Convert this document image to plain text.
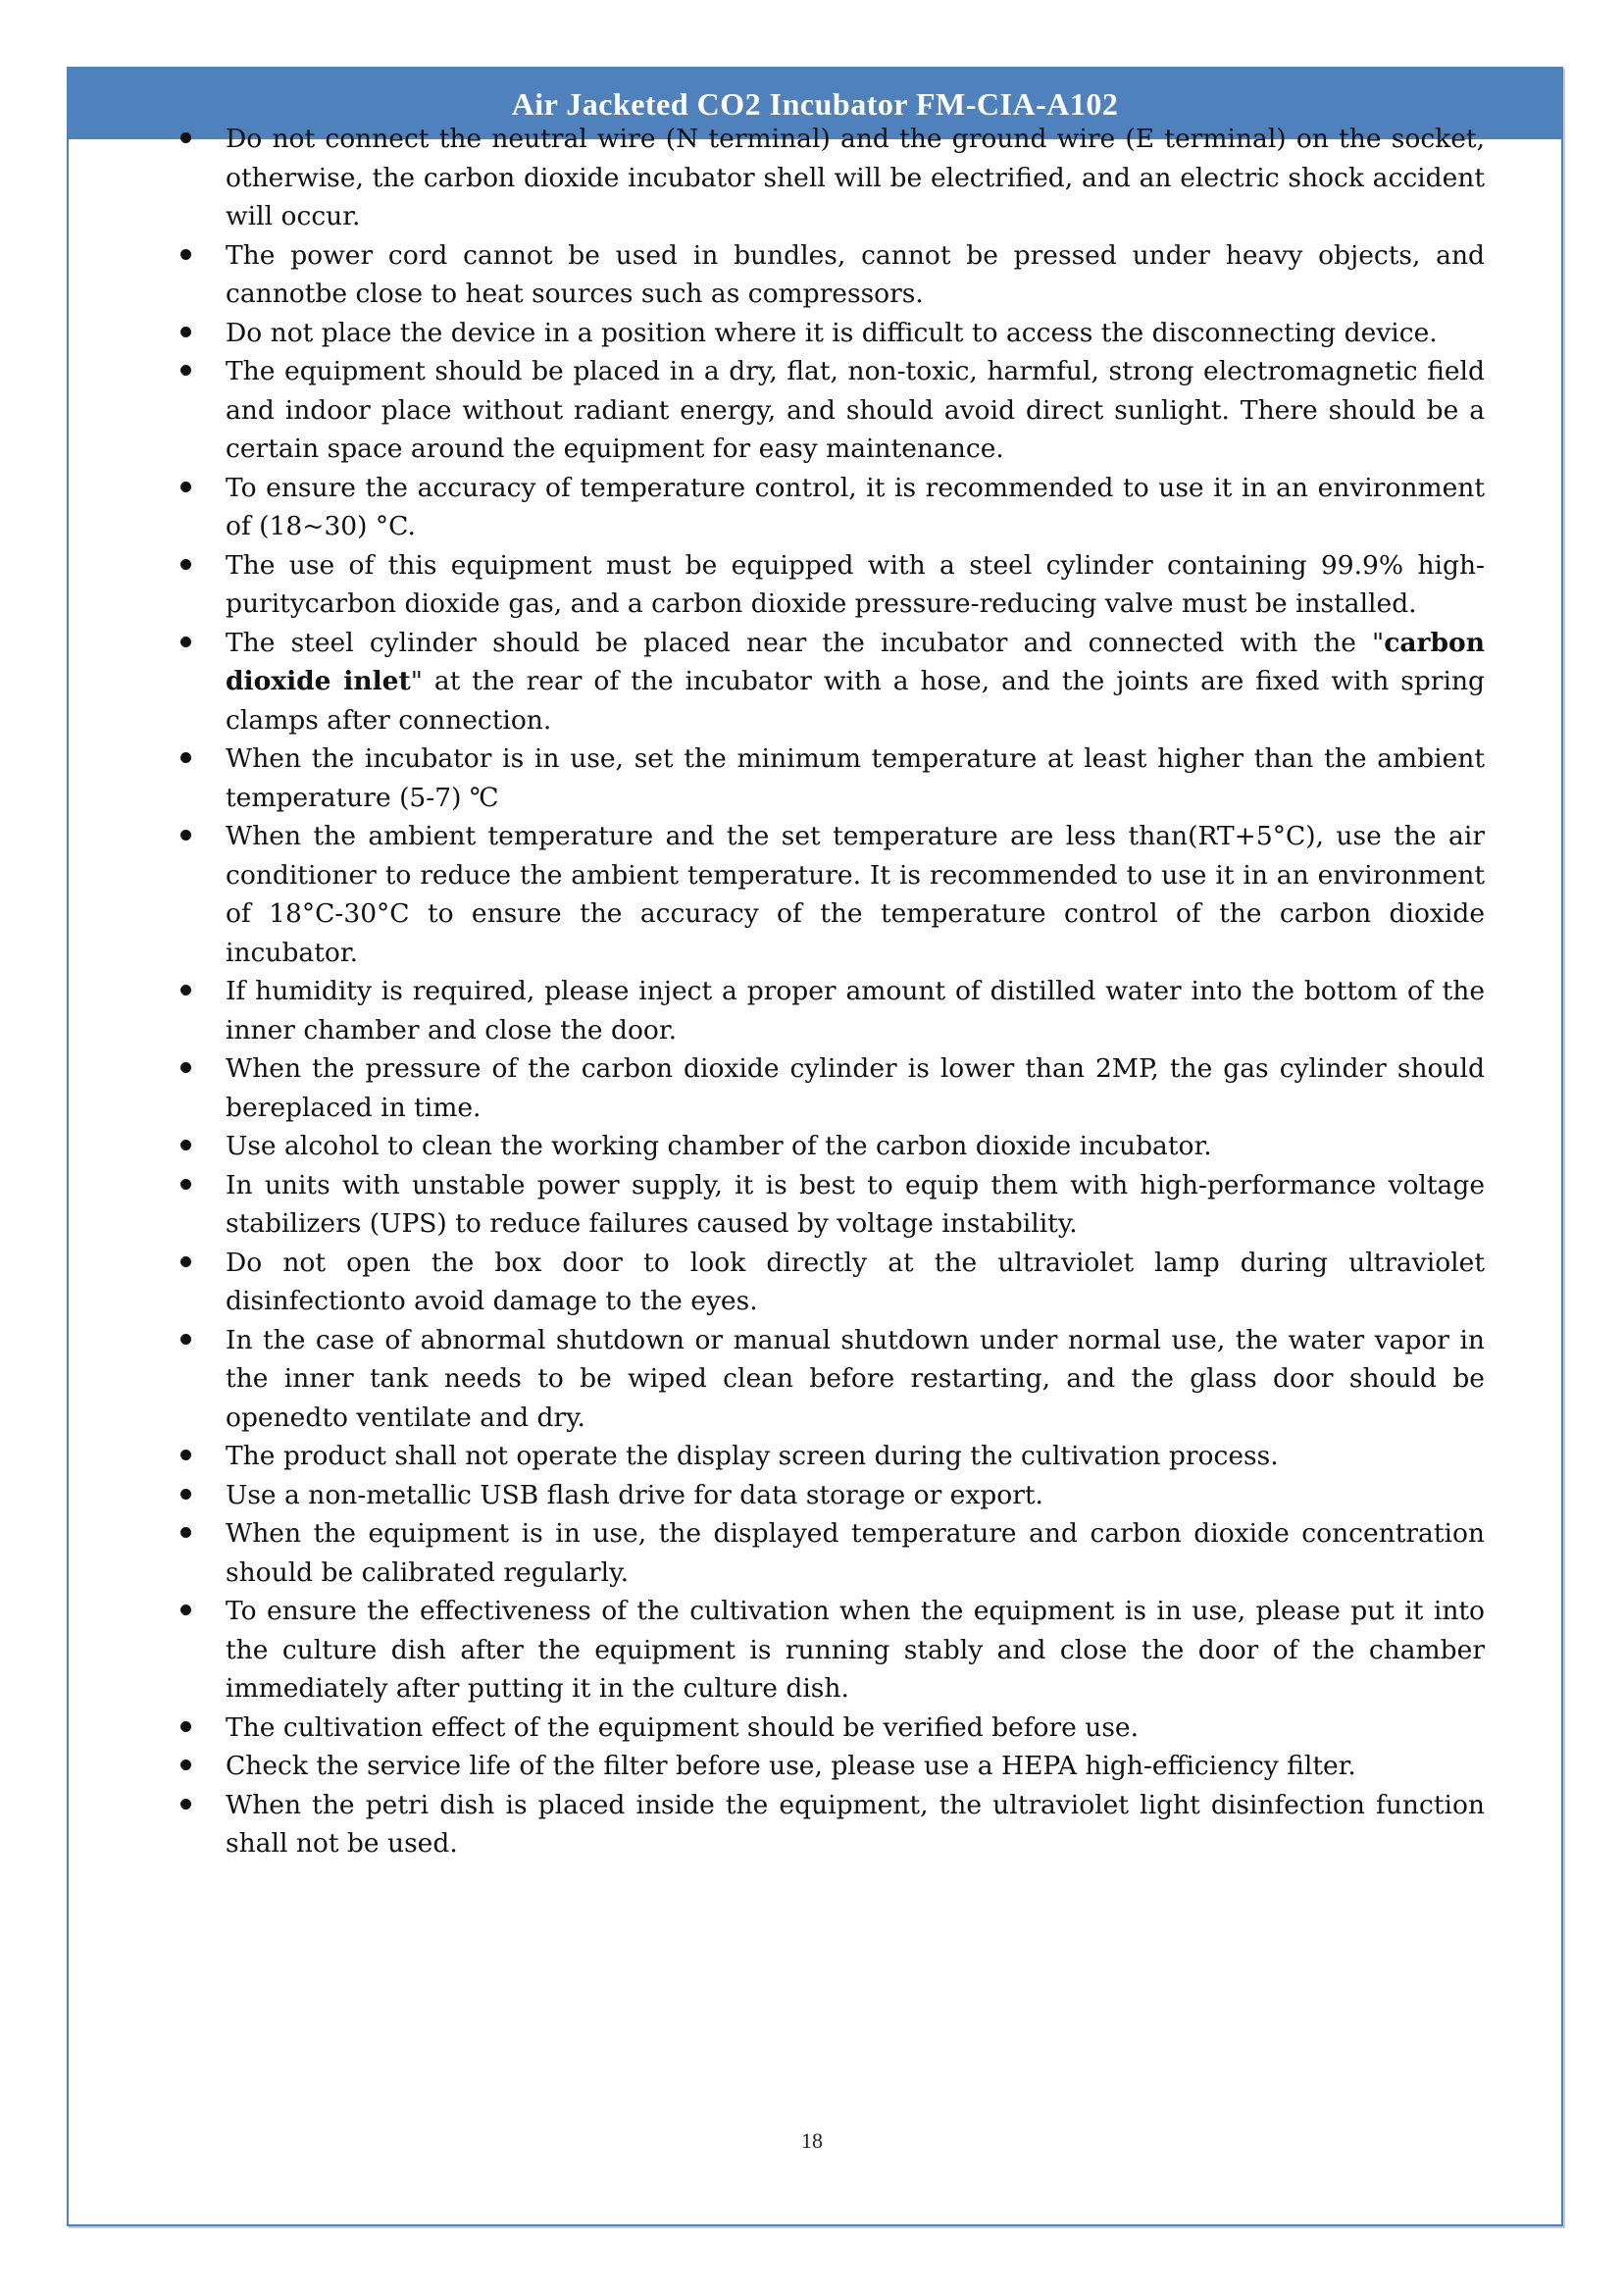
Air Jacketed CO2 Incubator FM-CIA-A102
Do not connect the neutral wire (N terminal) and the ground wire (E terminal) on the socket, otherwise, the carbon dioxide incubator shell will be electrified, and an electric shock accident will occur.
The power cord cannot be used in bundles, cannot be pressed under heavy objects, and cannotbe close to heat sources such as compressors.
Do not place the device in a position where it is difficult to access the disconnecting device.
The equipment should be placed in a dry, flat, non-toxic, harmful, strong electromagnetic field and indoor place without radiant energy, and should avoid direct sunlight. There should be a certain space around the equipment for easy maintenance.
To ensure the accuracy of temperature control, it is recommended to use it in an environment of (18~30) °C.
The use of this equipment must be equipped with a steel cylinder containing 99.9% high-puritycarbon dioxide gas, and a carbon dioxide pressure-reducing valve must be installed.
The steel cylinder should be placed near the incubator and connected with the "carbon dioxide inlet" at the rear of the incubator with a hose, and the joints are fixed with spring clamps after connection.
When the incubator is in use, set the minimum temperature at least higher than the ambient temperature (5-7) ℃
When the ambient temperature and the set temperature are less than(RT+5°C), use the air conditioner to reduce the ambient temperature. It is recommended to use it in an environment of 18°C-30°C to ensure the accuracy of the temperature control of the carbon dioxide incubator.
If humidity is required, please inject a proper amount of distilled water into the bottom of the inner chamber and close the door.
When the pressure of the carbon dioxide cylinder is lower than 2MP, the gas cylinder should bereplaced in time.
Use alcohol to clean the working chamber of the carbon dioxide incubator.
In units with unstable power supply, it is best to equip them with high-performance voltage stabilizers (UPS) to reduce failures caused by voltage instability.
Do not open the box door to look directly at the ultraviolet lamp during ultraviolet disinfectionto avoid damage to the eyes.
In the case of abnormal shutdown or manual shutdown under normal use, the water vapor in the inner tank needs to be wiped clean before restarting, and the glass door should be openedto ventilate and dry.
The product shall not operate the display screen during the cultivation process.
Use a non-metallic USB flash drive for data storage or export.
When the equipment is in use, the displayed temperature and carbon dioxide concentration should be calibrated regularly.
To ensure the effectiveness of the cultivation when the equipment is in use, please put it into the culture dish after the equipment is running stably and close the door of the chamber immediately after putting it in the culture dish.
The cultivation effect of the equipment should be verified before use.
Check the service life of the filter before use, please use a HEPA high-efficiency filter.
When the petri dish is placed inside the equipment, the ultraviolet light disinfection function shall not be used.
18
